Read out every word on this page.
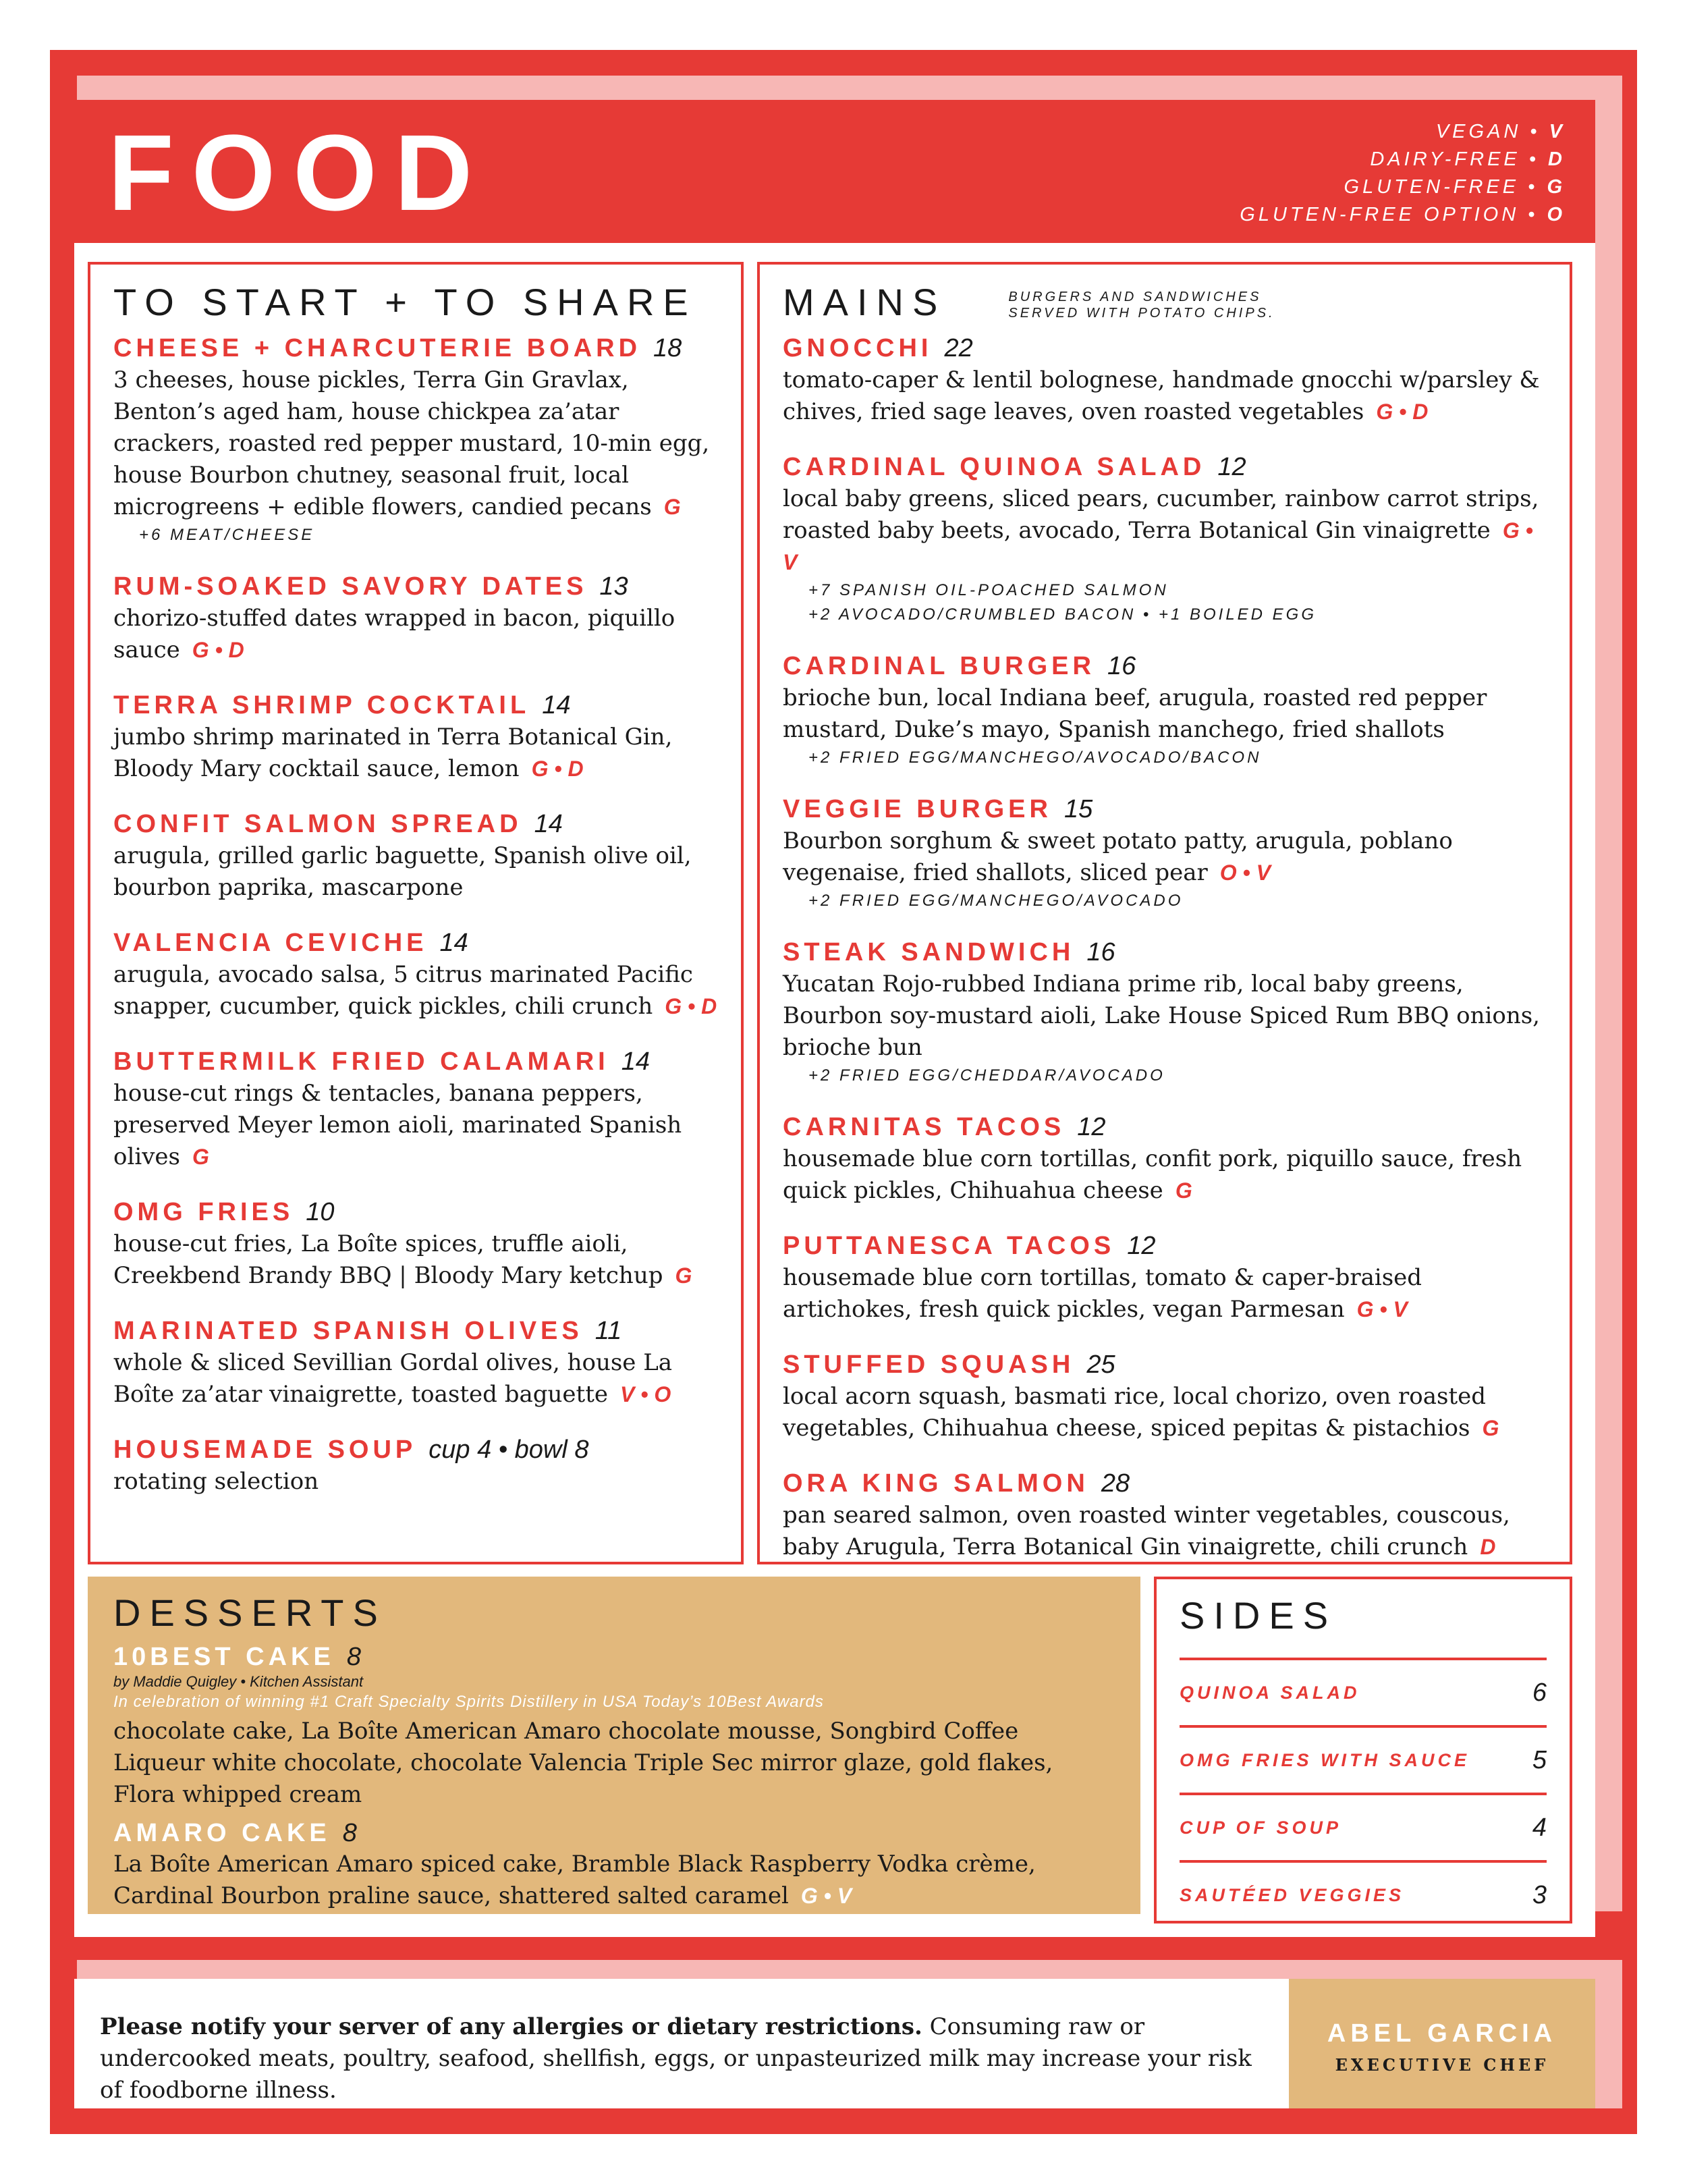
FOOD	VEGAN • V
DAIRY-FREE • D
GLUTEN-FREE • G
GLUTEN-FREE OPTION • O
TO START + TO SHARE
CHEESE + CHARCUTERIE BOARD 18
3 cheeses, house pickles, Terra Gin Gravlax, Benton’s aged ham, house chickpea za’atar crackers, roasted red pepper mustard, 10-min egg, house Bourbon chutney, seasonal fruit, local microgreens + edible flowers, candied pecans G
+6 MEAT/CHEESE
RUM-SOAKED SAVORY DATES 13
chorizo-stuffed dates wrapped in bacon, piquillo sauce G • D
TERRA SHRIMP COCKTAIL 14
jumbo shrimp marinated in Terra Botanical Gin, Bloody Mary cocktail sauce, lemon G • D
CONFIT SALMON SPREAD 14
arugula, grilled garlic baguette, Spanish olive oil, bourbon paprika, mascarpone
VALENCIA CEVICHE 14
arugula, avocado salsa, 5 citrus marinated Pacific snapper, cucumber, quick pickles, chili crunch G • D
BUTTERMILK FRIED CALAMARI 14
house-cut rings & tentacles, banana peppers, preserved Meyer lemon aioli, marinated Spanish olives G
OMG FRIES 10
house-cut fries, La Boîte spices, truffle aioli, Creekbend Brandy BBQ | Bloody Mary ketchup G
MARINATED SPANISH OLIVES 11
whole & sliced Sevillian Gordal olives, house La Boîte za’atar vinaigrette, toasted baguette V • O
HOUSEMADE SOUP cup 4 • bowl 8
rotating selection
MAINS	BURGERS AND SANDWICHES SERVED WITH POTATO CHIPS.
GNOCCHI 22
tomato-caper & lentil bolognese, handmade gnocchi w/parsley & chives, fried sage leaves, oven roasted vegetables G • D
CARDINAL QUINOA SALAD 12
local baby greens, sliced pears, cucumber, rainbow carrot strips, roasted baby beets, avocado, Terra Botanical Gin vinaigrette G • V
+7 SPANISH OIL-POACHED SALMON
+2 AVOCADO/CRUMBLED BACON • +1 BOILED EGG
CARDINAL BURGER 16
brioche bun, local Indiana beef, arugula, roasted red pepper mustard, Duke’s mayo, Spanish manchego, fried shallots
+2 FRIED EGG/MANCHEGO/AVOCADO/BACON
VEGGIE BURGER 15
Bourbon sorghum & sweet potato patty, arugula, poblano vegenaise, fried shallots, sliced pear O • V
+2 FRIED EGG/MANCHEGO/AVOCADO
STEAK SANDWICH 16
Yucatan Rojo-rubbed Indiana prime rib, local baby greens, Bourbon soy-mustard aioli, Lake House Spiced Rum BBQ onions, brioche bun
+2 FRIED EGG/CHEDDAR/AVOCADO
CARNITAS TACOS 12
housemade blue corn tortillas, confit pork, piquillo sauce, fresh quick pickles, Chihuahua cheese G
PUTTANESCA TACOS 12
housemade blue corn tortillas, tomato & caper-braised artichokes, fresh quick pickles, vegan Parmesan G • V
STUFFED SQUASH 25
local acorn squash, basmati rice, local chorizo, oven roasted vegetables, Chihuahua cheese, spiced pepitas & pistachios G
ORA KING SALMON 28
pan seared salmon, oven roasted winter vegetables, couscous, baby Arugula, Terra Botanical Gin vinaigrette, chili crunch D
DESSERTS
10BEST CAKE 8
by Maddie Quigley • Kitchen Assistant
In celebration of winning #1 Craft Specialty Spirits Distillery in USA Today’s 10Best Awards
chocolate cake, La Boîte American Amaro chocolate mousse, Songbird Coffee Liqueur white chocolate, chocolate Valencia Triple Sec mirror glaze, gold flakes, Flora whipped cream
AMARO CAKE 8
La Boîte American Amaro spiced cake, Bramble Black Raspberry Vodka crème, Cardinal Bourbon praline sauce, shattered salted caramel G • V
+2 VANILLA BRIE ICE CREAM WITH LAKE HOUSE SPICED RUM
SIDES
QUINOA SALAD	6
OMG FRIES WITH SAUCE 5
CUP OF SOUP	4
SAUTÉED VEGGIES	3
Please notify your server of any allergies or dietary restrictions. Consuming raw or undercooked meats, poultry, seafood, shellfish, eggs, or unpasteurized milk may increase your risk of foodborne illness.
ABEL GARCIA
EXECUTIVE CHEF
